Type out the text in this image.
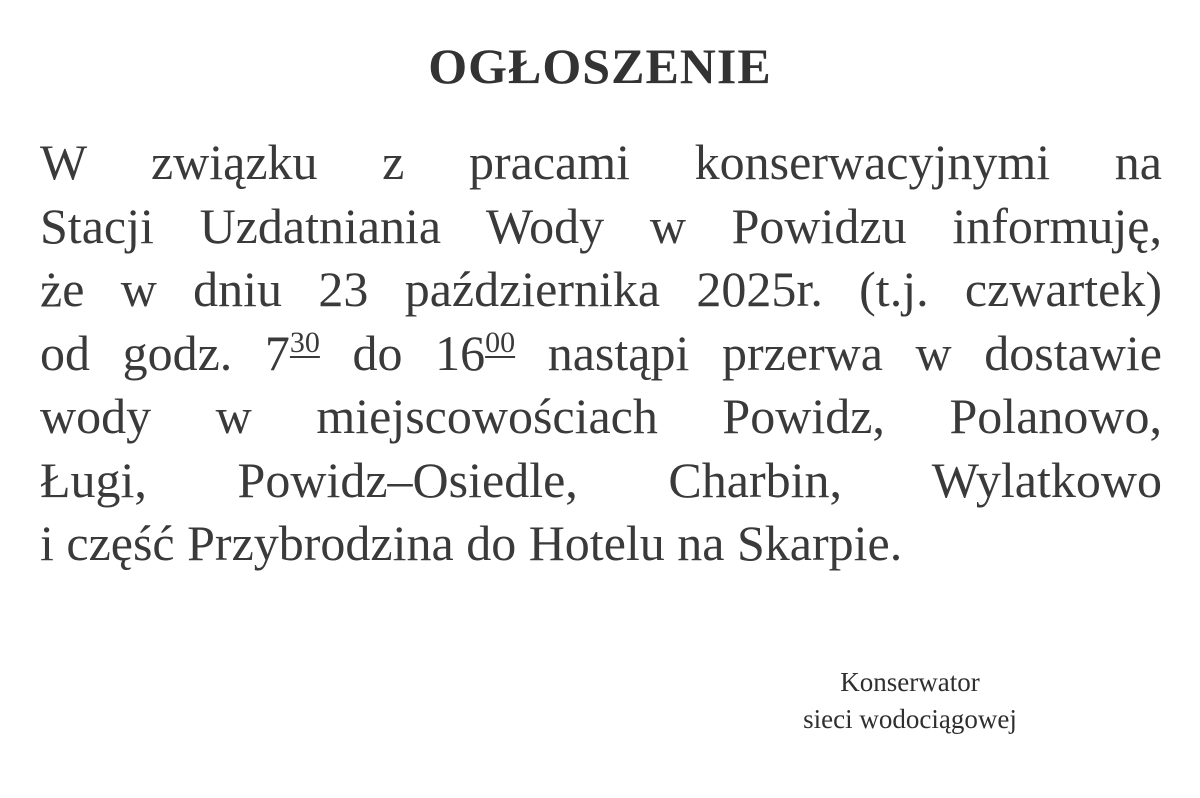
OGŁOSZENIE
W związku z pracami konserwacyjnymi na
Stacji Uzdatniania Wody w Powidzu informuję,
że w dniu 23 października 2025r. (t.j. czwartek)
od godz. $7^{30}$ do $16^{00}$ nastąpi przerwa w dostawie
wody w miejscowościach Powidz, Polanowo,
Ługi, Powidz–Osiedle, Charbin, Wylatkowo
i część Przybrodzina do Hotelu na Skarpie.
Konserwator
sieci wodociągowej
